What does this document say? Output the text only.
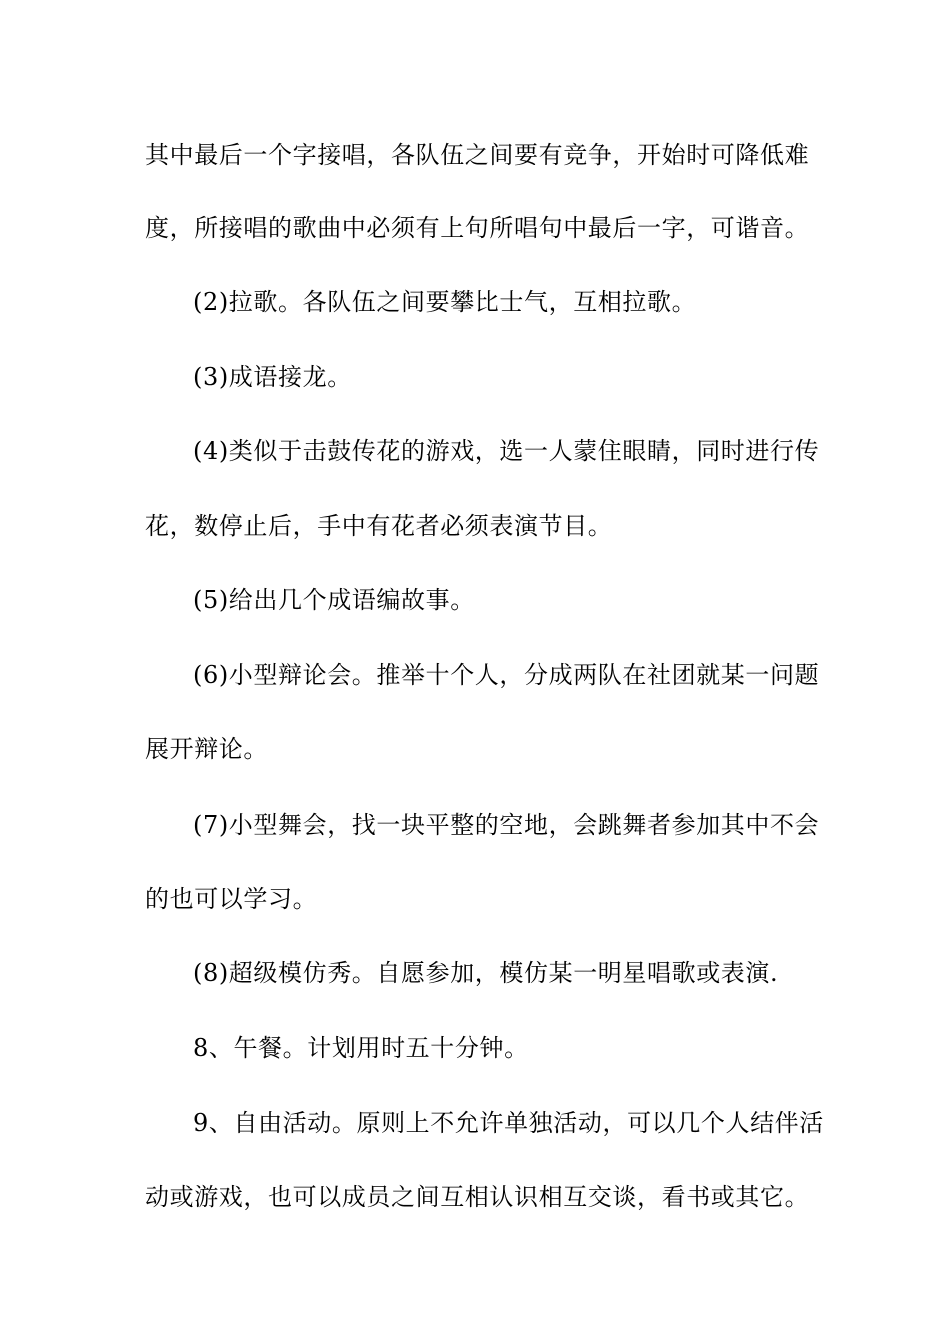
其中最后一个字接唱，各队伍之间要有竞争，开始时可降低难
度，所接唱的歌曲中必须有上句所唱句中最后一字，可谐音。
(2)拉歌。各队伍之间要攀比士气，互相拉歌。
(3)成语接龙。
(4)类似于击鼓传花的游戏，选一人蒙住眼睛，同时进行传
花，数停止后，手中有花者必须表演节目。
(5)给出几个成语编故事。
(6)小型辩论会。推举十个人，分成两队在社团就某一问题
展开辩论。
(7)小型舞会，找一块平整的空地，会跳舞者参加其中不会
的也可以学习。
(8)超级模仿秀。自愿参加，模仿某一明星唱歌或表演.
8、午餐。计划用时五十分钟。
9、自由活动。原则上不允许单独活动，可以几个人结伴活
动或游戏，也可以成员之间互相认识相互交谈，看书或其它。
